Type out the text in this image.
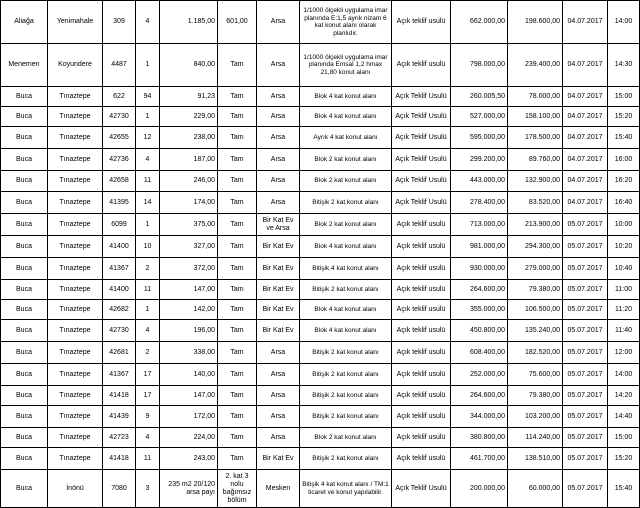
Aliağa	Yenimahale	309	4	1.185,00	601,00	Arsa	1/1000 ölçekli uygulama imar planında E:1,5 ayrık nizam 6 kat konut alanı olarak planlıdır.	Açık teklif usulü	662.000,00	198.600,00	04.07.2017	14:00
Menemen	Koyundere	4487	1	840,00	Tam	Arsa	1/1000 ölçekli uygulama imar planında Emsal 1,2 hmax 21,80 konut alanı	Açık teklif usulü	798.000,00	239.400,00	04.07.2017	14:30
Buca	Tınaztepe	622	94	91,23	Tam	Arsa	Blok 4 kat konut alanı	Açık Teklif Usulü	260.005,50	78.000,00	04.07.2017	15:00
Buca	Tınaztepe	42730	1	229,00	Tam	Arsa	Blok 4 kat konut alanı	Açık Teklif Usulü	527.000,00	158.100,00	04.07.2017	15:20
Buca	Tınaztepe	42655	12	238,00	Tam	Arsa	Ayrık 4 kat konut alanı	Açık Teklif Usulü	595.000,00	178.500,00	04.07.2017	15:40
Buca	Tınaztepe	42736	4	187,00	Tam	Arsa	Blok 2 kat konut alanı	Açık Teklif Usulü	299.200,00	89.760,00	04.07.2017	16:00
Buca	Tınaztepe	42658	11	246,00	Tam	Arsa	Blok 2 kat konut alanı	Açık Teklif Usulü	443.000,00	132.900,00	04.07.2017	16:20
Buca	Tınaztepe	41395	14	174,00	Tam	Arsa	Bitişik 2 kat konut alanı	Açık Teklif Usulü	278.400,00	83.520,00	04.07.2017	16:40
Buca	Tınaztepe	6099	1	375,00	Tam	Bir Kat Ev ve Arsa	Blok 2 kat konut alanı	Açık teklif usulü	713.000,00	213.900,00	05.07.2017	10:00
Buca	Tınaztepe	41400	10	327,00	Tam	Bir Kat Ev	Blok 4 kat konut alanı	Açık teklif usulü	981.000,00	294.300,00	05.07.2017	10:20
Buca	Tınaztepe	41367	2	372,00	Tam	Bir Kat Ev	Bitişik 4 kat konut alanı	Açık teklif usulü	930.000,00	279.000,00	05.07.2017	10:40
Buca	Tınaztepe	41400	11	147,00	Tam	Bir Kat Ev	Bitişik 2 kat konut alanı	Açık teklif usulü	264.600,00	79.380,00	05.07.2017	11:00
Buca	Tınaztepe	42682	1	142,00	Tam	Bir Kat Ev	Blok 4 kat konut alanı	Açık teklif usulü	355.000,00	106.500,00	05.07.2017	11:20
Buca	Tınaztepe	42730	4	196,00	Tam	Bir Kat Ev	Blok 4 kat konut alanı	Açık teklif usulü	450.800,00	135.240,00	05.07.2017	11:40
Buca	Tınaztepe	42681	2	338,00	Tam	Arsa	Bitişik 2 kat konut alanı	Açık teklif usulü	608.400,00	182.520,00	05.07.2017	12:00
Buca	Tınaztepe	41367	17	140,00	Tam	Arsa	Bitişik 2 kat konut alanı	Açık teklif usulü	252.000,00	75.600,00	05.07.2017	14:00
Buca	Tınaztepe	41418	17	147,00	Tam	Arsa	Bitişik 2 kat konut alanı	Açık teklif usulü	264.600,00	79.380,00	05.07.2017	14:20
Buca	Tınaztepe	41439	9	172,00	Tam	Arsa	Bitişik 2 kat konut alanı	Açık teklif usulü	344.000,00	103.200,00	05.07.2017	14:40
Buca	Tınaztepe	42723	4	224,00	Tam	Arsa	Blok 2 kat konut alanı	Açık teklif usulü	380.800,00	114.240,00	05.07.2017	15:00
Buca	Tınaztepe	41418	11	243,00	Tam	Bir Kat Ev	Bitişik 2 kat konut alanı	Açık teklif usulü	461.700,00	138.510,00	05.07.2017	15:20
Buca	İnönü	7080	3	235 m2 20/120 arsa payı	2. kat 3 nolu bağımsız bölüm	Mesken	Bitişik 4 kat konut alanı / TM:1 ticaret ve konut yapılabilir.	Açık Teklif Usulü	200.000,00	60.000,00	05.07.2017	15:40
